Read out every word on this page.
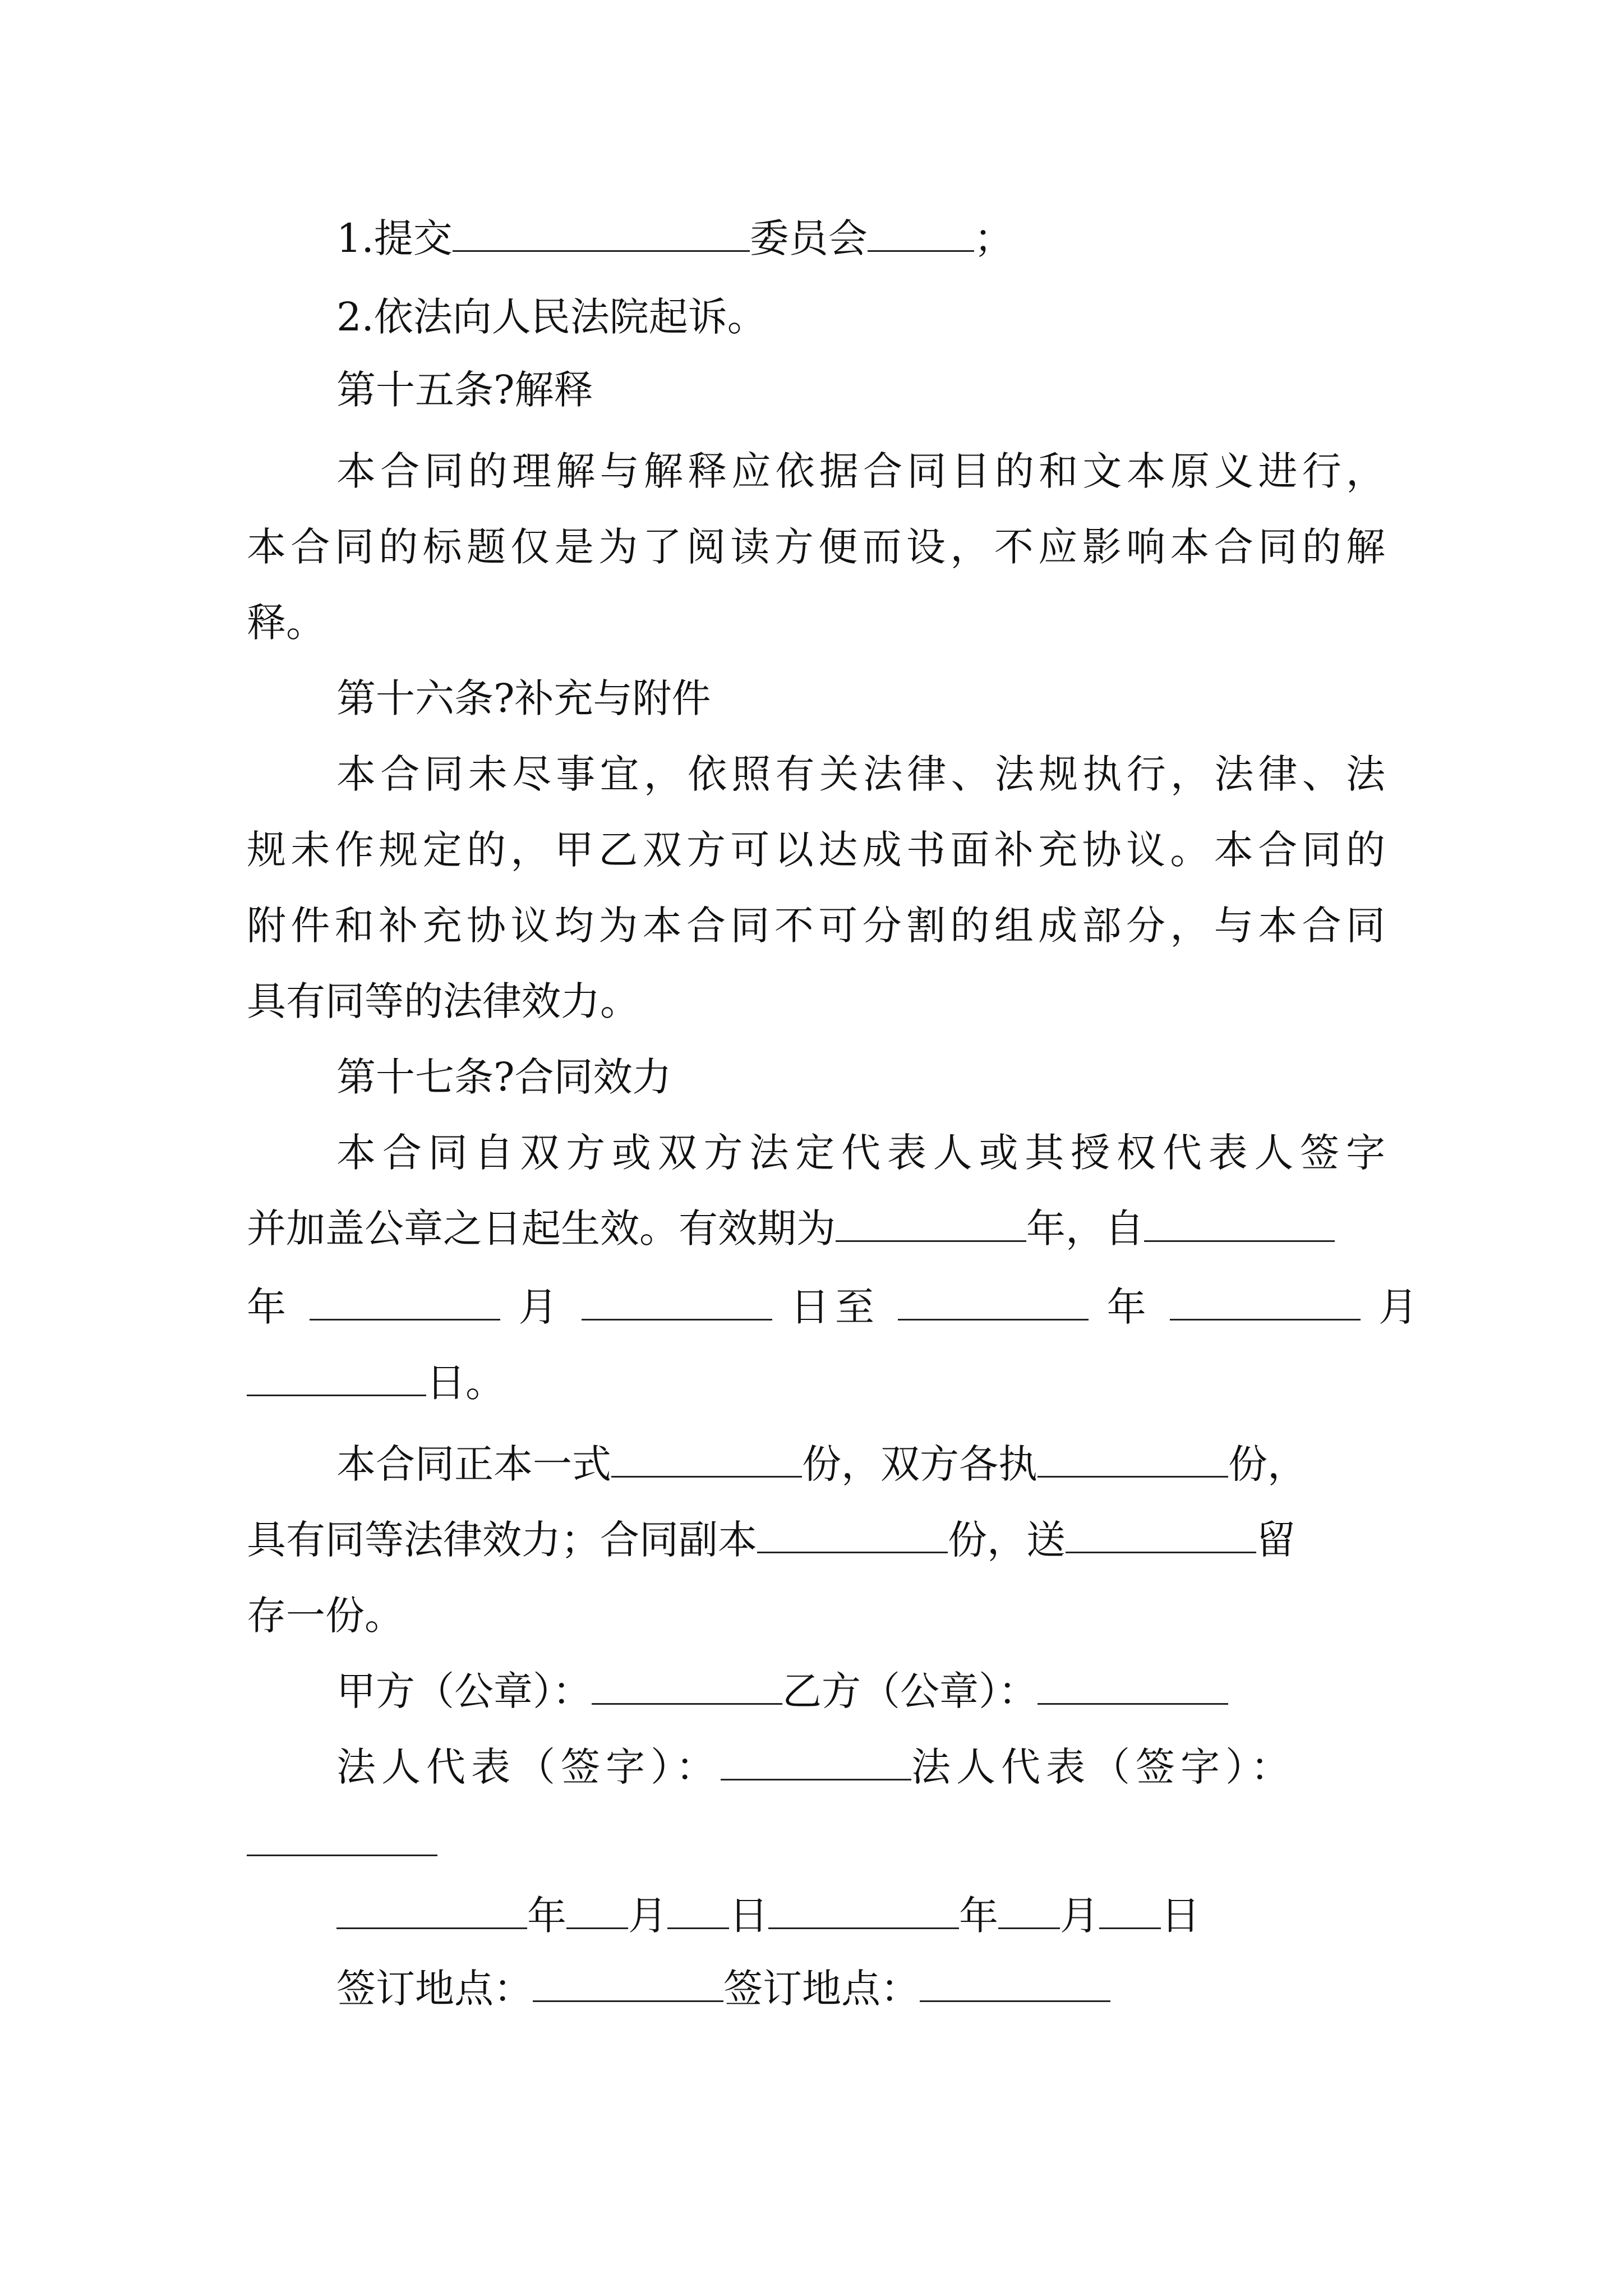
1.提交	委员会	；
2.依法向人民法院起诉。
第十五条?解释
本合同的理解与解释应依据合同目的和文本原义进行，
本合同的标题仅是为了阅读方便而设，不应影响本合同的解
释。
第十六条?补充与附件
本合同未尽事宜，依照有关法律、法规执行，法律、法
规未作规定的，甲乙双方可以达成书面补充协议。本合同的
附件和补充协议均为本合同不可分割的组成部分，与本合同
具有同等的法律效力。
第十七条?合同效力
本合同自双方或双方法定代表人或其授权代表人签字
并加盖公章之日起生效。有效期为	年，自
年	月	日至	年	月
日。
本合同正本一式	份，双方各执	份，
具有同等法律效力；合同副本	份，送	留
存一份。
甲方（公章）：	乙方（公章）：
法人代表（签字）：	法人代表（签字）：
年 月 日	年 月 日
签订地点：	签订地点：
